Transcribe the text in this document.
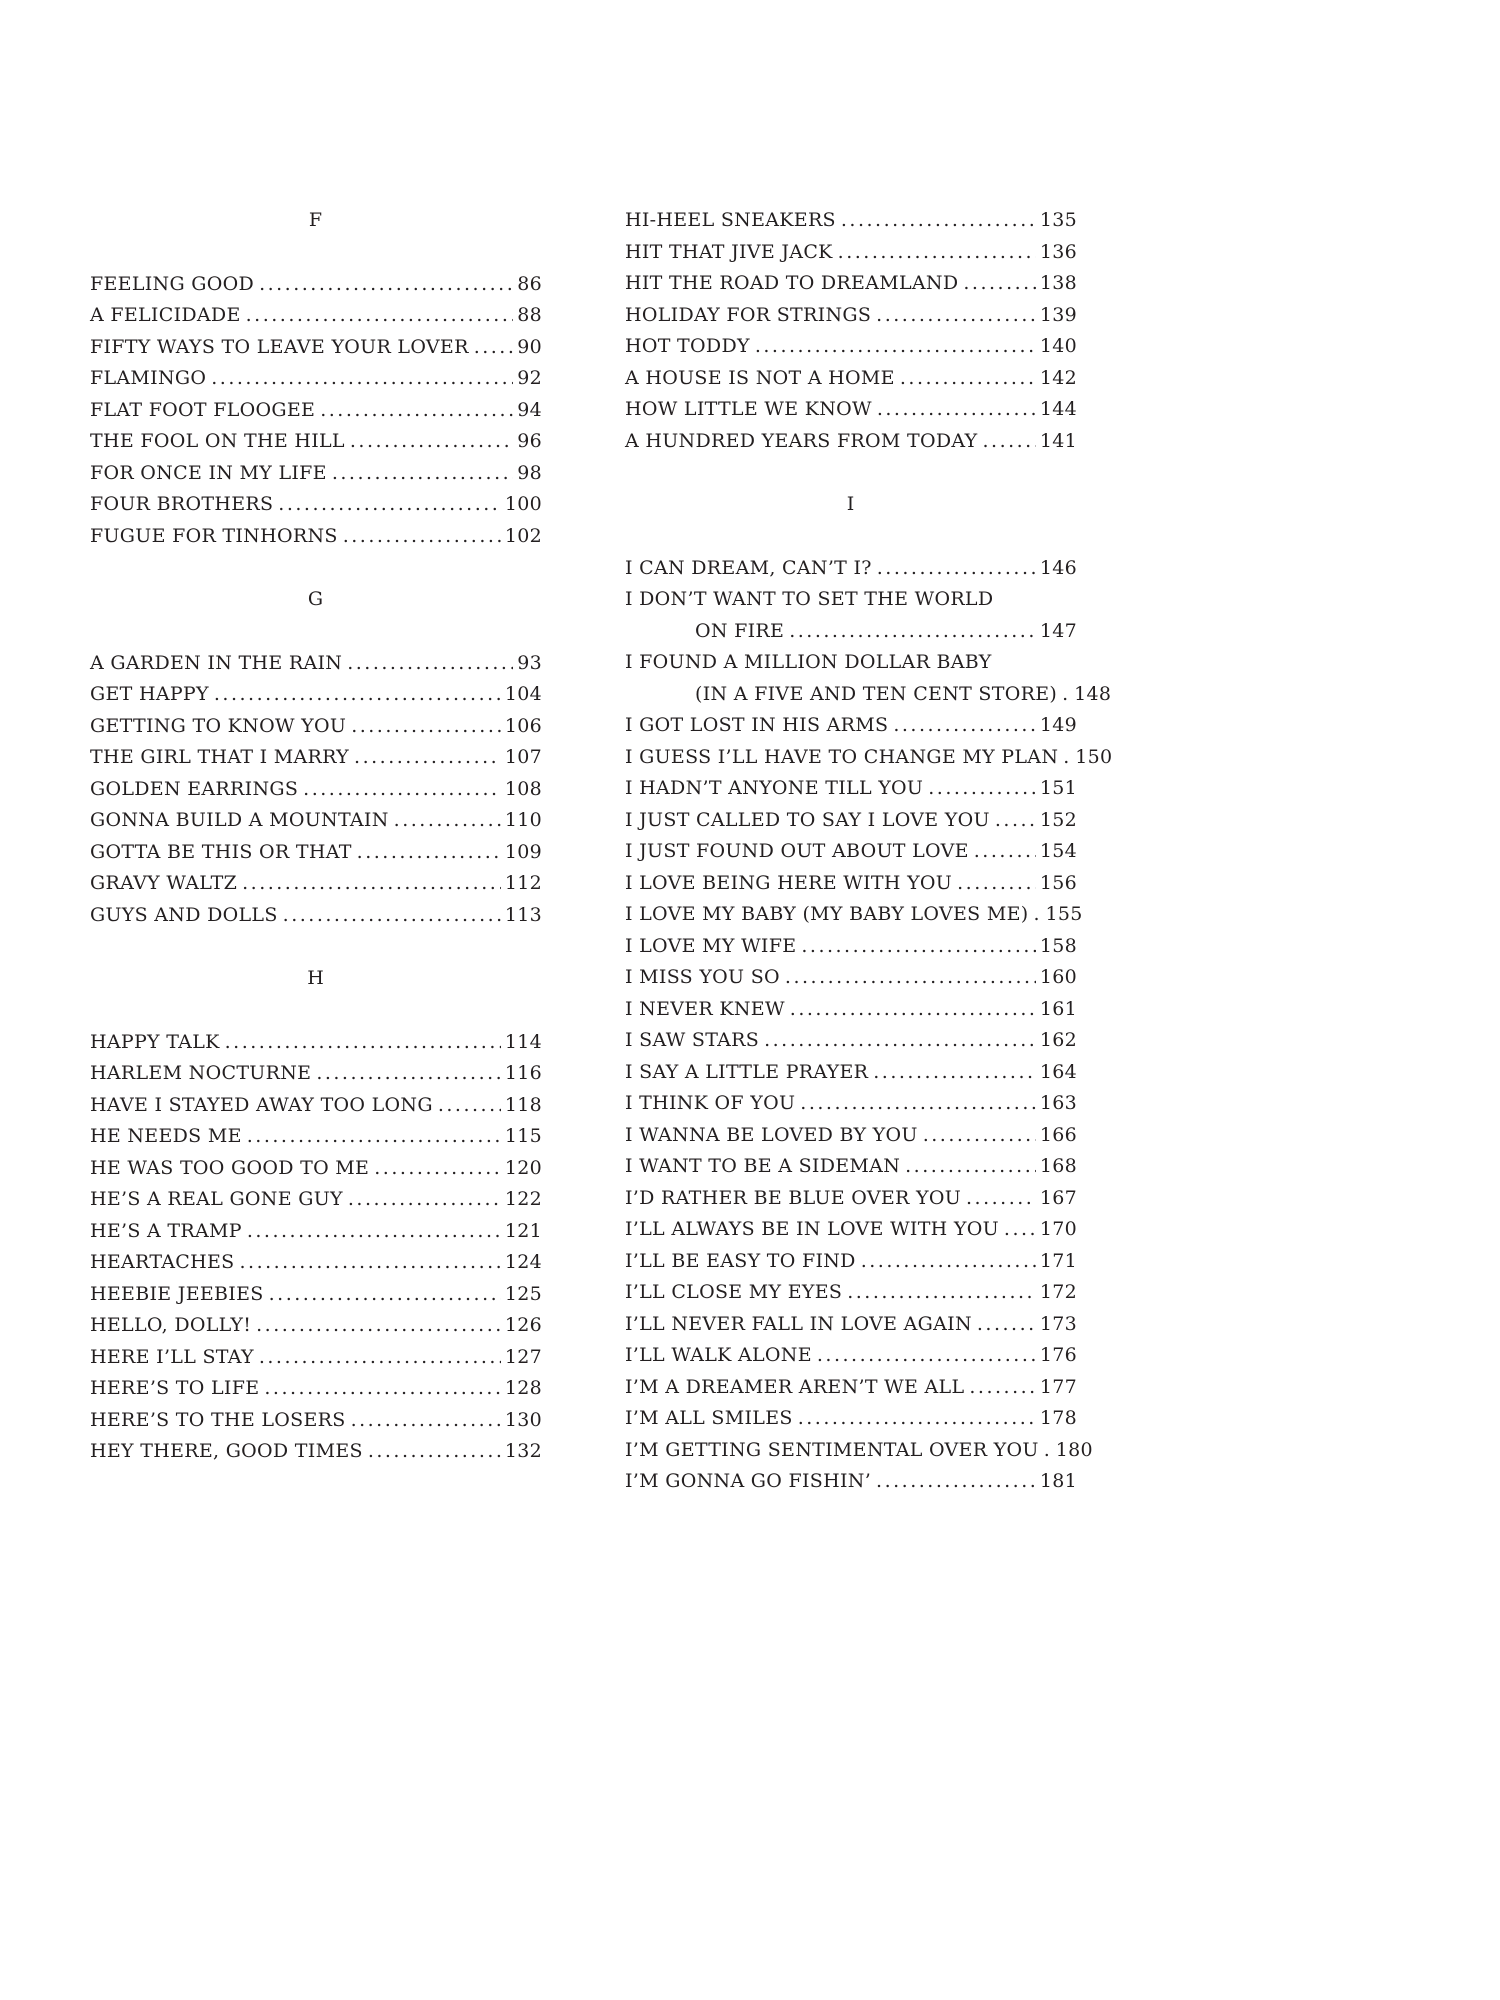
F
FEELING GOOD .....	86
A FELICIDADE .....	88
FIFTY WAYS TO LEAVE YOUR LOVER .....	90
FLAMINGO .....	92
FLAT FOOT FLOOGEE .....	94
THE FOOL ON THE HILL .....	96
FOR ONCE IN MY LIFE .....	98
FOUR BROTHERS .....	100
FUGUE FOR TINHORNS .....	102
G
A GARDEN IN THE RAIN .....	93
GET HAPPY .....	104
GETTING TO KNOW YOU .....	106
THE GIRL THAT I MARRY .....	107
GOLDEN EARRINGS .....	108
GONNA BUILD A MOUNTAIN .....	110
GOTTA BE THIS OR THAT .....	109
GRAVY WALTZ .....	112
GUYS AND DOLLS .....	113
H
HAPPY TALK .....	114
HARLEM NOCTURNE .....	116
HAVE I STAYED AWAY TOO LONG .....	118
HE NEEDS ME .....	115
HE WAS TOO GOOD TO ME .....	120
HE’S A REAL GONE GUY .....	122
HE’S A TRAMP .....	121
HEARTACHES .....	124
HEEBIE JEEBIES .....	125
HELLO, DOLLY! .....	126
HERE I’LL STAY .....	127
HERE’S TO LIFE .....	128
HERE’S TO THE LOSERS .....	130
HEY THERE, GOOD TIMES .....	132
HI-HEEL SNEAKERS .....	135
HIT THAT JIVE JACK .....	136
HIT THE ROAD TO DREAMLAND .....	138
HOLIDAY FOR STRINGS .....	139
HOT TODDY .....	140
A HOUSE IS NOT A HOME .....	142
HOW LITTLE WE KNOW .....	144
A HUNDRED YEARS FROM TODAY .....	141
I
I CAN DREAM, CAN’T I? .....	146
I DON’T WANT TO SET THE WORLD
ON FIRE .....	147
I FOUND A MILLION DOLLAR BABY
(IN A FIVE AND TEN CENT STORE) ..... 148
I GOT LOST IN HIS ARMS .....	149
I GUESS I’LL HAVE TO CHANGE MY PLAN ..... 150
I HADN’T ANYONE TILL YOU .....	151
I JUST CALLED TO SAY I LOVE YOU .....	152
I JUST FOUND OUT ABOUT LOVE .....	154
I LOVE BEING HERE WITH YOU .....	156
I LOVE MY BABY (MY BABY LOVES ME) ..... 155
I LOVE MY WIFE .....	158
I MISS YOU SO .....	160
I NEVER KNEW .....	161
I SAW STARS .....	162
I SAY A LITTLE PRAYER .....	164
I THINK OF YOU .....	163
I WANNA BE LOVED BY YOU .....	166
I WANT TO BE A SIDEMAN .....	168
I’D RATHER BE BLUE OVER YOU .....	167
I’LL ALWAYS BE IN LOVE WITH YOU ..... 170
I’LL BE EASY TO FIND .....	171
I’LL CLOSE MY EYES .....	172
I’LL NEVER FALL IN LOVE AGAIN .....	173
I’LL WALK ALONE .....	176
I’M A DREAMER AREN’T WE ALL .....	177
I’M ALL SMILES .....	178
I’M GETTING SENTIMENTAL OVER YOU ..... 180
I’M GONNA GO FISHIN’ .....	181
